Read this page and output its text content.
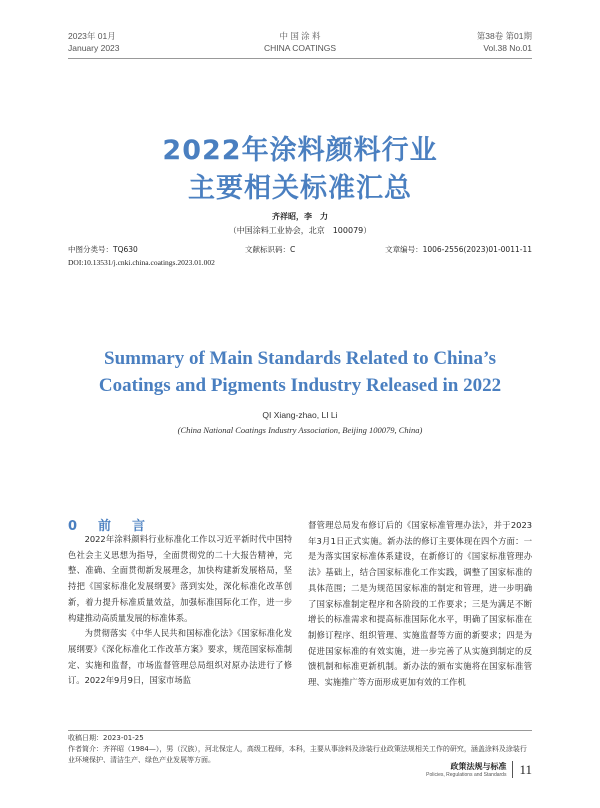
2023年 01月
January 2023
中 国 涂 料
CHINA COATINGS
第38卷 第01期
Vol.38 No.01
2022年涂料颜料行业
主要相关标准汇总
齐祥昭，李　力
（中国涂料工业协会，北京　100079）
中图分类号：TQ630	文献标识码：C	文章编号：1006-2556(2023)01-0011-11
DOI:10.13531/j.cnki.china.coatings.2023.01.002
Summary of Main Standards Related to China’s
Coatings and Pigments Industry Released in 2022
QI Xiang-zhao, LI Li
(China National Coatings Industry Association, Beijing 100079, China)
0　前　言

2022年涂料颜料行业标准化工作以习近平新时代中国特色社会主义思想为指导，全面贯彻党的二十大报告精神，完整、准确、全面贯彻新发展理念，加快构建新发展格局，坚持把《国家标准化发展纲要》落到实处，深化标准化改革创新，着力提升标准质量效益，加强标准国际化工作，进一步构建推动高质量发展的标准体系。

为贯彻落实《中华人民共和国标准化法》《国家标准化发展纲要》《深化标准化工作改革方案》要求，规范国家标准制定、实施和监督，市场监督管理总局组织对原办法进行了修订。2022年9月9日，国家市场监

督管理总局发布修订后的《国家标准管理办法》，并于2023年3月1日正式实施。新办法的修订主要体现在四个方面：一是为落实国家标准体系建设，在新修订的《国家标准管理办法》基础上，结合国家标准化工作实践，调整了国家标准的具体范围；二是为规范国家标准的制定和管理，进一步明确了国家标准制定程序和各阶段的工作要求；三是为满足不断增长的标准需求和提高标准国际化水平，明确了国家标准在制修订程序、组织管理、实施监督等方面的新要求；四是为促进国家标准的有效实施，进一步完善了从实施到制定的反馈机制和标准更新机制。新办法的颁布实施将在国家标准管理、实施推广等方面形成更加有效的工作机

收稿日期：2023-01-25
作者简介：齐祥昭（1984—），男（汉族），河北保定人，高级工程师，本科，主要从事涂料及涂装行业政策法规相关工作的研究，涵盖涂料及涂装行业环境保护、清洁生产、绿色产业发展等方面。
政策法规与标准
Policies, Regulations and Standards 11
